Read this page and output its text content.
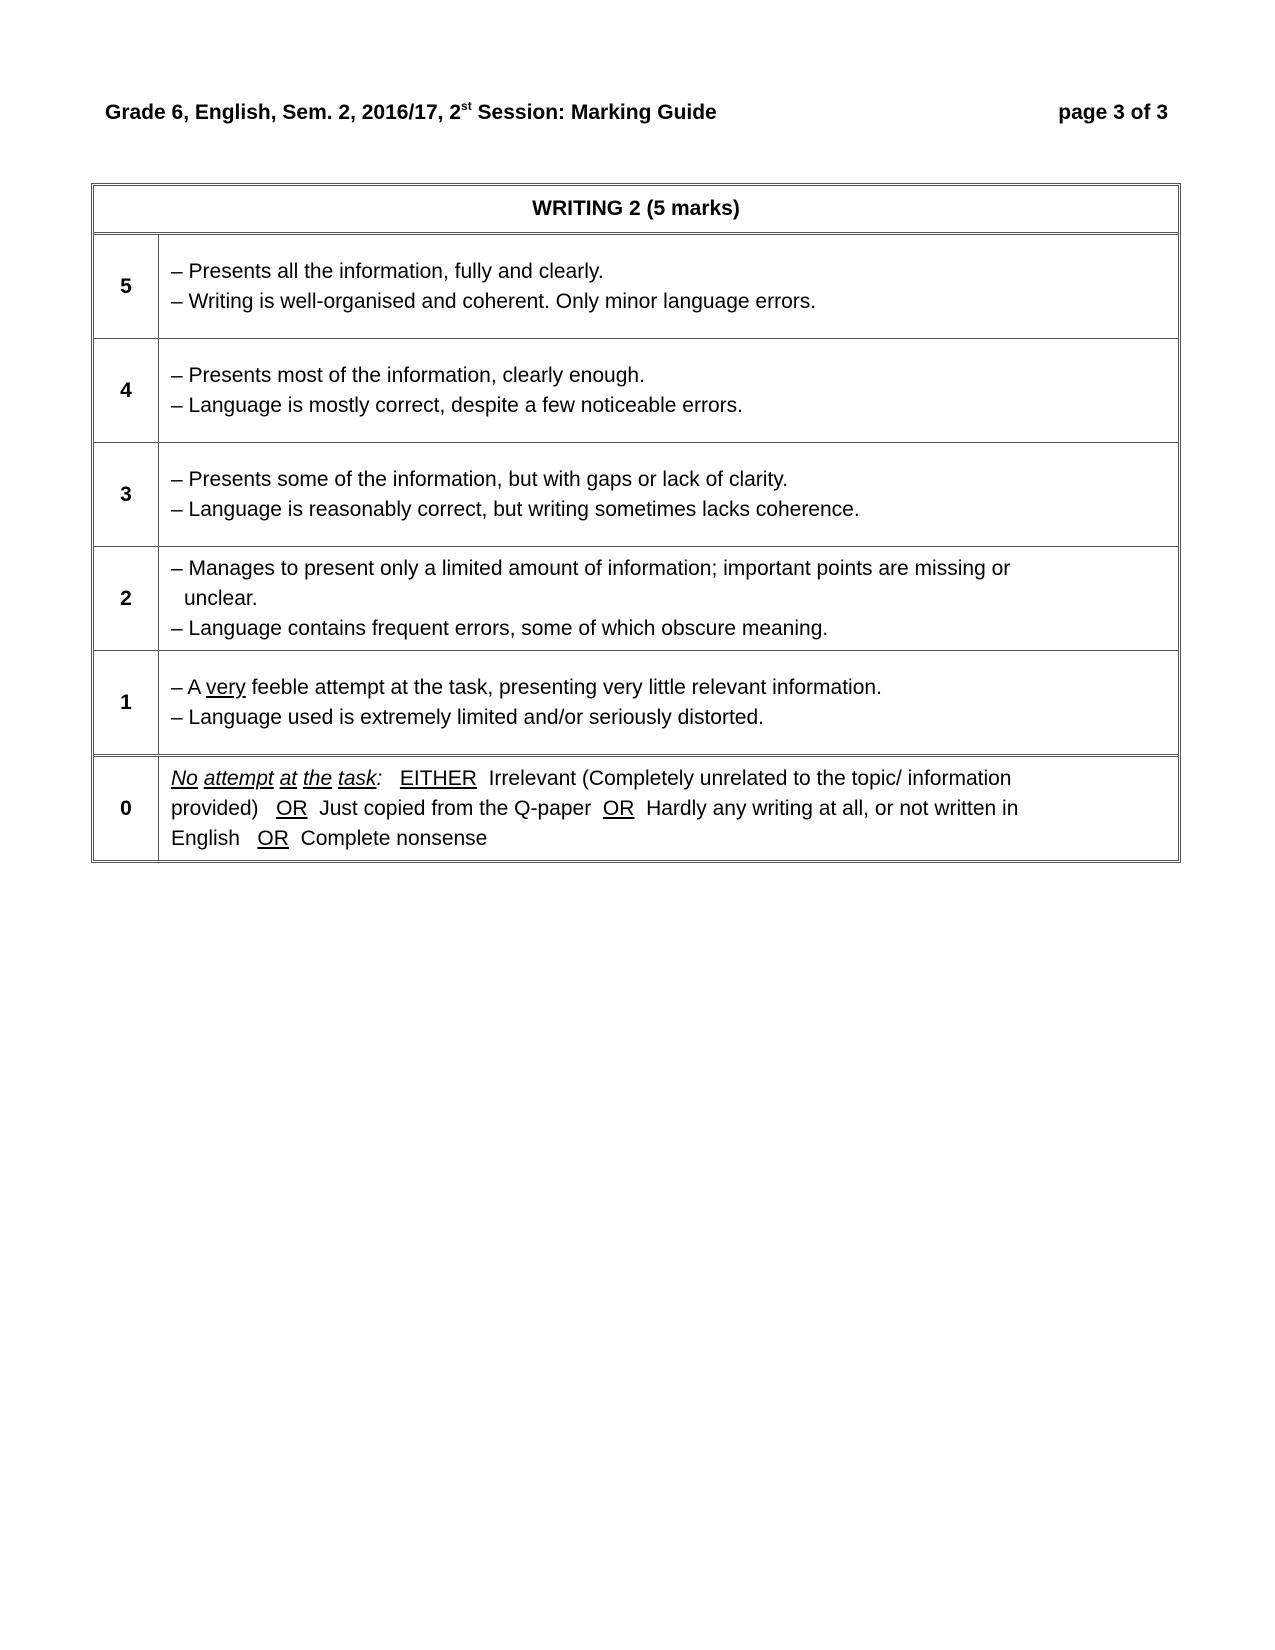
Grade 6, English, Sem. 2, 2016/17, 2st Session: Marking Guide	page 3 of 3
WRITING 2 (5 marks)	
5	– Presents all the information, fully and clearly.
– Writing is well-organised and coherent. Only minor language errors.

4	– Presents most of the information, clearly enough.
– Language is mostly correct, despite a few noticeable errors.

3	– Presents some of the information, but with gaps or lack of clarity.
– Language is reasonably correct, but writing sometimes lacks coherence.

2	– Manages to present only a limited amount of information; important points are missing or
unclear.
– Language contains frequent errors, some of which obscure meaning.

1	– A very feeble attempt at the task, presenting very little relevant information.
– Language used is extremely limited and/or seriously distorted.

0	No attempt at the task: EITHER Irrelevant (Completely unrelated to the topic/ information
provided) OR Just copied from the Q-paper OR Hardly any writing at all, or not written in
English OR Complete nonsense
